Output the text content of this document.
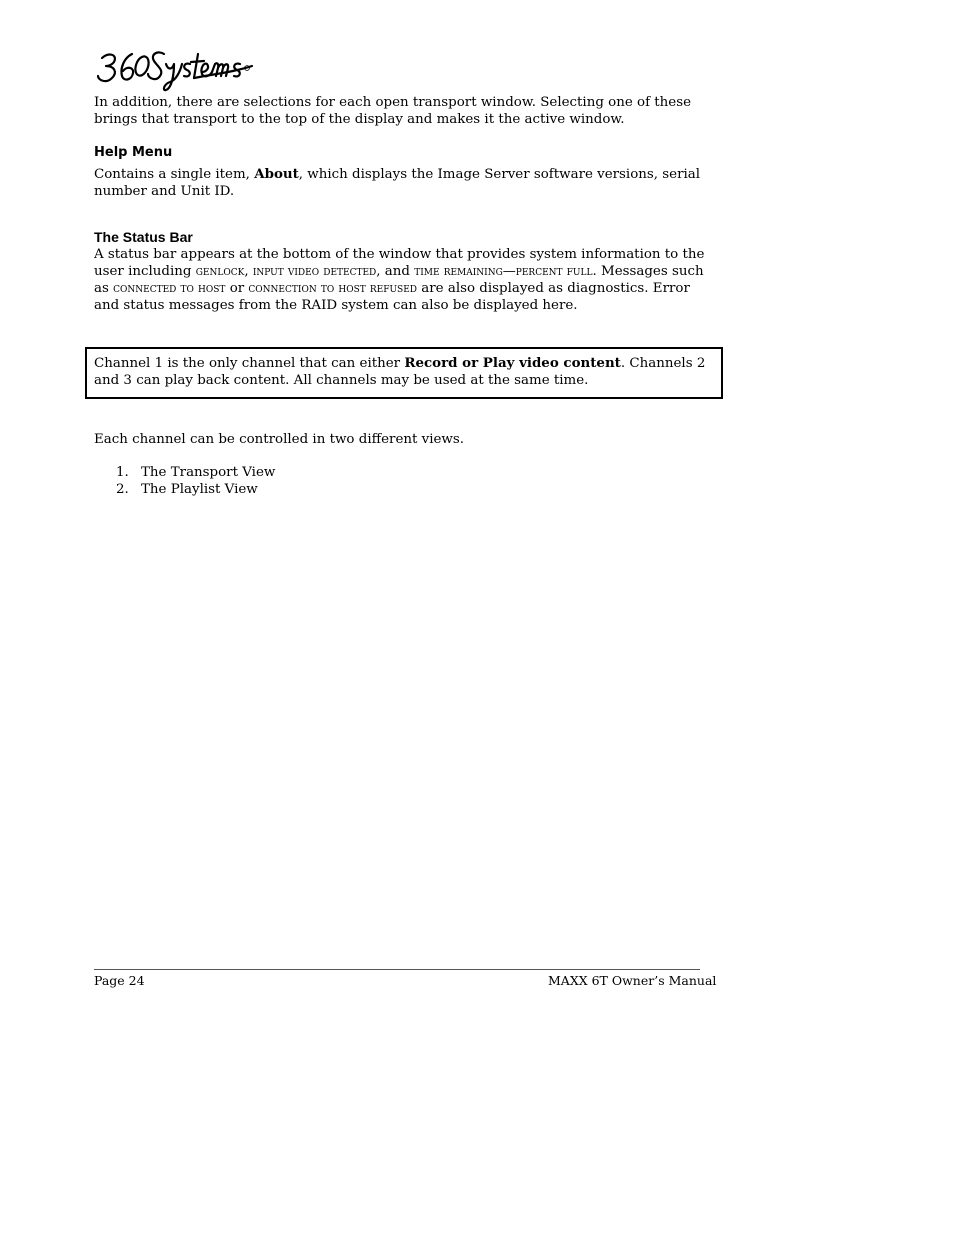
In addition, there are selections for each open transport window. Selecting one of these brings that transport to the top of the display and makes it the active window.

Help Menu

Contains a single item, About, which displays the Image Server software versions, serial number and Unit ID.

The Status Bar

A status bar appears at the bottom of the window that provides system information to the user including genlock, input video detected, and time remaining—percent full. Messages such as connected to host or connection to host refused are also displayed as diagnostics. Error and status messages from the RAID system can also be displayed here.

Channel 1 is the only channel that can either Record or Play video content. Channels 2 and 3 can play back content. All channels may be used at the same time.

Each channel can be controlled in two different views.

1. The Transport View
2. The Playlist View
Page 24	MAXX 6T Owner’s Manual
